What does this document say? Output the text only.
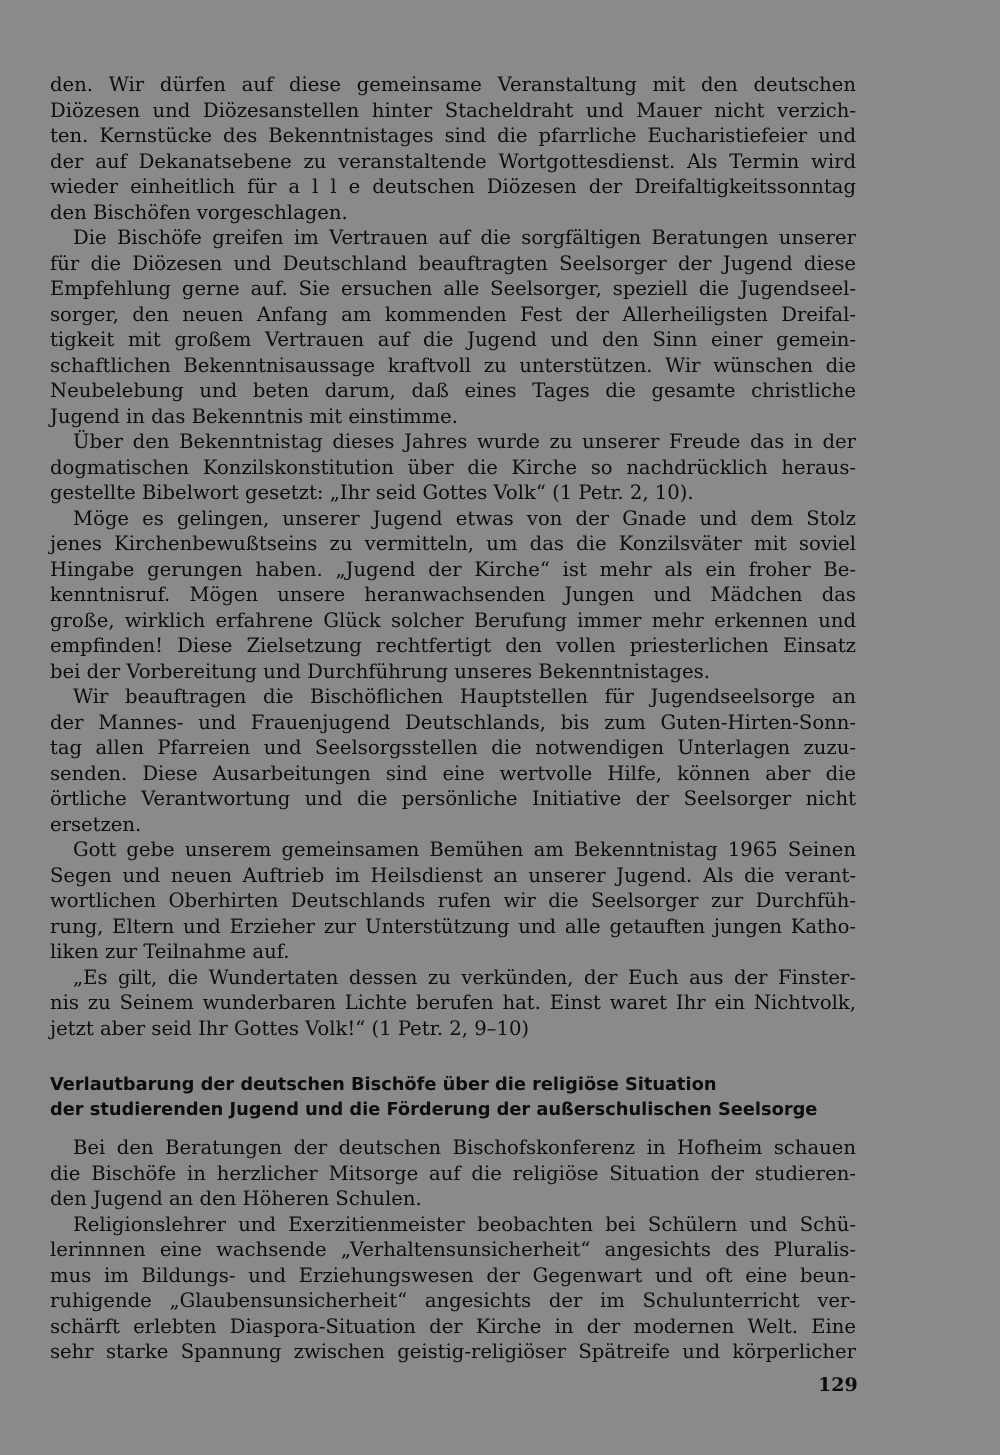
den. Wir dürfen auf diese gemeinsame Veranstaltung mit den deutschen
Diözesen und Diözesanstellen hinter Stacheldraht und Mauer nicht verzich-
ten. Kernstücke des Bekenntnistages sind die pfarrliche Eucharistiefeier und
der auf Dekanatsebene zu veranstaltende Wortgottesdienst. Als Termin wird
wieder einheitlich für a l l e deutschen Diözesen der Dreifaltigkeitssonntag
den Bischöfen vorgeschlagen.
Die Bischöfe greifen im Vertrauen auf die sorgfältigen Beratungen unserer
für die Diözesen und Deutschland beauftragten Seelsorger der Jugend diese
Empfehlung gerne auf. Sie ersuchen alle Seelsorger, speziell die Jugendseel-
sorger, den neuen Anfang am kommenden Fest der Allerheiligsten Dreifal-
tigkeit mit großem Vertrauen auf die Jugend und den Sinn einer gemein-
schaftlichen Bekenntnisaussage kraftvoll zu unterstützen. Wir wünschen die
Neubelebung und beten darum, daß eines Tages die gesamte christliche
Jugend in das Bekenntnis mit einstimme.
Über den Bekenntnistag dieses Jahres wurde zu unserer Freude das in der
dogmatischen Konzilskonstitution über die Kirche so nachdrücklich heraus-
gestellte Bibelwort gesetzt: „Ihr seid Gottes Volk“ (1 Petr. 2, 10).
Möge es gelingen, unserer Jugend etwas von der Gnade und dem Stolz
jenes Kirchenbewußtseins zu vermitteln, um das die Konzilsväter mit soviel
Hingabe gerungen haben. „Jugend der Kirche“ ist mehr als ein froher Be-
kenntnisruf. Mögen unsere heranwachsenden Jungen und Mädchen das
große, wirklich erfahrene Glück solcher Berufung immer mehr erkennen und
empfinden! Diese Zielsetzung rechtfertigt den vollen priesterlichen Einsatz
bei der Vorbereitung und Durchführung unseres Bekenntnistages.
Wir beauftragen die Bischöflichen Hauptstellen für Jugendseelsorge an
der Mannes- und Frauenjugend Deutschlands, bis zum Guten-Hirten-Sonn-
tag allen Pfarreien und Seelsorgsstellen die notwendigen Unterlagen zuzu-
senden. Diese Ausarbeitungen sind eine wertvolle Hilfe, können aber die
örtliche Verantwortung und die persönliche Initiative der Seelsorger nicht
ersetzen.
Gott gebe unserem gemeinsamen Bemühen am Bekenntnistag 1965 Seinen
Segen und neuen Auftrieb im Heilsdienst an unserer Jugend. Als die verant-
wortlichen Oberhirten Deutschlands rufen wir die Seelsorger zur Durchfüh-
rung, Eltern und Erzieher zur Unterstützung und alle getauften jungen Katho-
liken zur Teilnahme auf.
„Es gilt, die Wundertaten dessen zu verkünden, der Euch aus der Finster-
nis zu Seinem wunderbaren Lichte berufen hat. Einst waret Ihr ein Nichtvolk,
jetzt aber seid Ihr Gottes Volk!“ (1 Petr. 2, 9–10)
Verlautbarung der deutschen Bischöfe über die religiöse Situation
der studierenden Jugend und die Förderung der außerschulischen Seelsorge
Bei den Beratungen der deutschen Bischofskonferenz in Hofheim schauen
die Bischöfe in herzlicher Mitsorge auf die religiöse Situation der studieren-
den Jugend an den Höheren Schulen.
Religionslehrer und Exerzitienmeister beobachten bei Schülern und Schü-
lerinnnen eine wachsende „Verhaltensunsicherheit“ angesichts des Pluralis-
mus im Bildungs- und Erziehungswesen der Gegenwart und oft eine beun-
ruhigende „Glaubensunsicherheit“ angesichts der im Schulunterricht ver-
schärft erlebten Diaspora-Situation der Kirche in der modernen Welt. Eine
sehr starke Spannung zwischen geistig-religiöser Spätreife und körperlicher
129
